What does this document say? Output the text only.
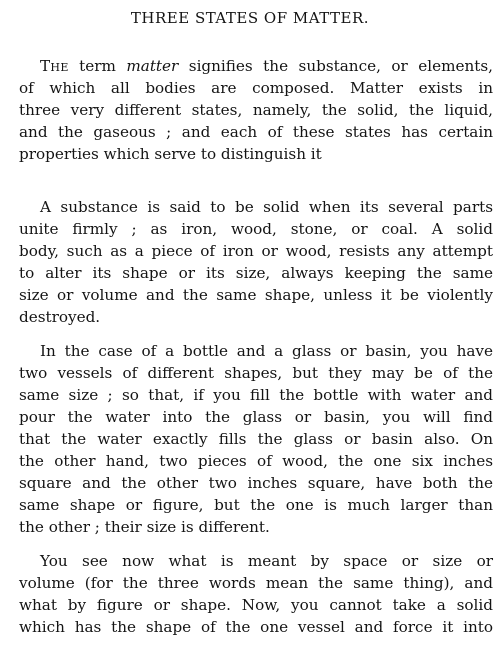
THREE STATES OF MATTER.
The term matter signifies the substance, or elements,
of which all bodies are composed. Matter exists in
three very different states, namely, the solid, the liquid,
and the gaseous ; and each of these states has certain
properties which serve to distinguish it
A substance is said to be solid when its several parts
unite firmly ; as iron, wood, stone, or coal. A solid
body, such as a piece of iron or wood, resists any attempt
to alter its shape or its size, always keeping the same
size or volume and the same shape, unless it be violently
destroyed.
In the case of a bottle and a glass or basin, you have
two vessels of different shapes, but they may be of the
same size ; so that, if you fill the bottle with water and
pour the water into the glass or basin, you will find
that the water exactly fills the glass or basin also. On
the other hand, two pieces of wood, the one six inches
square and the other two inches square, have both the
same shape or figure, but the one is much larger than
the other ; their size is different.
You see now what is meant by space or size or
volume (for the three words mean the same thing), and
what by figure or shape. Now, you cannot take a solid
which has the shape of the one vessel and force it into
